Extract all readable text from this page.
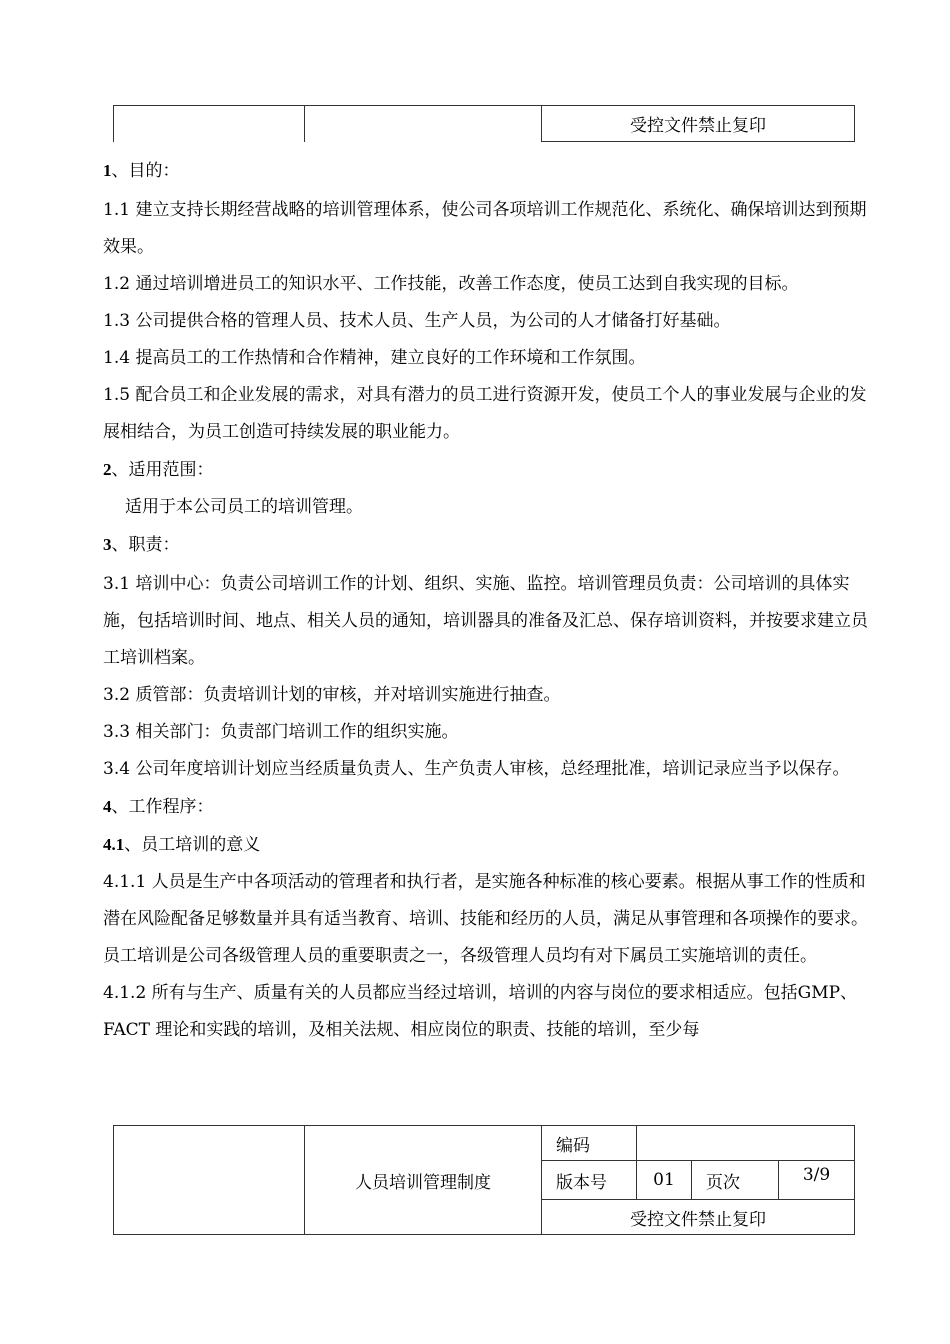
		受控文件禁止复印

1、目的：

1.1 建立支持长期经营战略的培训管理体系，使公司各项培训工作规范化、系统化、确保培训达到预期效果。

1.2 通过培训增进员工的知识水平、工作技能，改善工作态度，使员工达到自我实现的目标。

1.3 公司提供合格的管理人员、技术人员、生产人员，为公司的人才储备打好基础。

1.4 提高员工的工作热情和合作精神，建立良好的工作环境和工作氛围。

1.5 配合员工和企业发展的需求，对具有潜力的员工进行资源开发，使员工个人的事业发展与企业的发展相结合，为员工创造可持续发展的职业能力。

2、适用范围：

适用于本公司员工的培训管理。

3、职责：

3.1 培训中心：负责公司培训工作的计划、组织、实施、监控。培训管理员负责：公司培训的具体实施，包括培训时间、地点、相关人员的通知，培训器具的准备及汇总、保存培训资料，并按要求建立员工培训档案。

3.2 质管部：负责培训计划的审核，并对培训实施进行抽查。

3.3 相关部门：负责部门培训工作的组织实施。

3.4 公司年度培训计划应当经质量负责人、生产负责人审核，总经理批准，培训记录应当予以保存。

4、工作程序：

4.1、员工培训的意义

4.1.1 人员是生产中各项活动的管理者和执行者，是实施各种标准的核心要素。根据从事工作的性质和潜在风险配备足够数量并具有适当教育、培训、技能和经历的人员，满足从事管理和各项操作的要求。员工培训是公司各级管理人员的重要职责之一，各级管理人员均有对下属员工实施培训的责任。

4.1.2 所有与生产、质量有关的人员都应当经过培训，培训的内容与岗位的要求相适应。包括GMP、FACT 理论和实践的培训，及相关法规、相应岗位的职责、技能的培训，至少每

	人员培训管理制度	编码			
		版本号	01	页次	3/9
		受控文件禁止复印			
